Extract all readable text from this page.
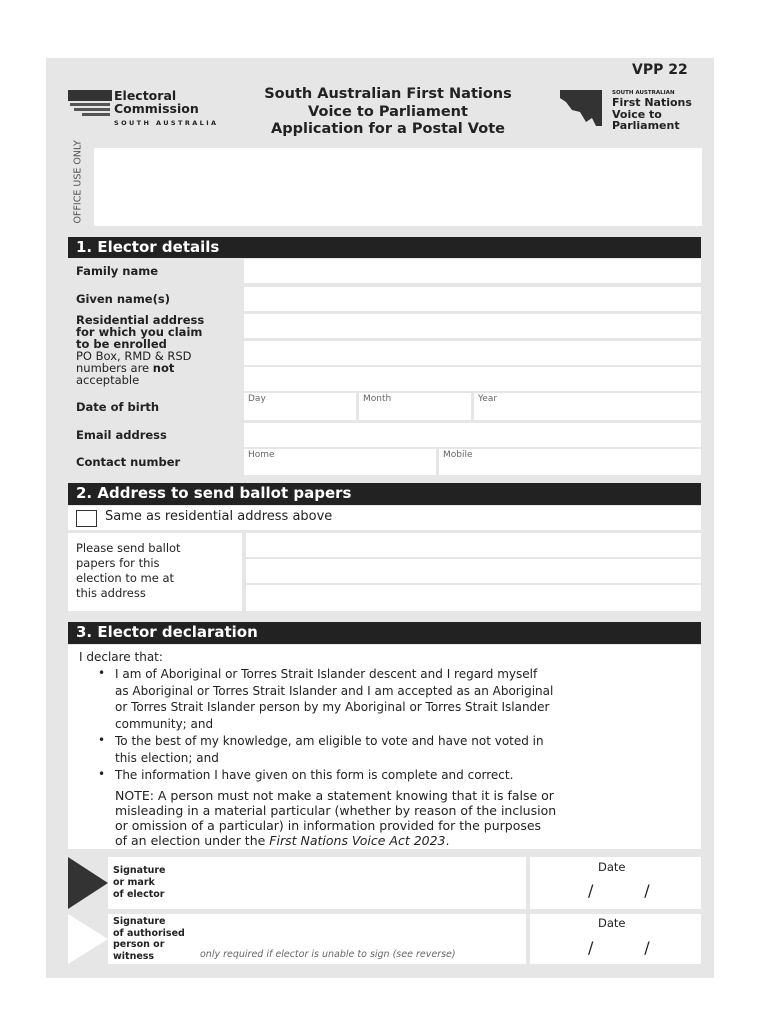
VPP 22
Electoral
Commission
SOUTH AUSTRALIA
South Australian First Nations
Voice to Parliament
Application for a Postal Vote
SOUTH AUSTRALIAN
First Nations
Voice to
Parliament
OFFICE USE ONLY
1. Elector details
Family name
Given name(s)
Residential address
for which you claim
to be enrolled
PO Box, RMD & RSD
numbers are not
acceptable
Date of birth
Day	Month	Year
Email address
Contact number	Home	Mobile
2. Address to send ballot papers
Same as residential address above
Please send ballot
papers for this
election to me at
this address
3. Elector declaration
I declare that:
• I am of Aboriginal or Torres Strait Islander descent and I regard myself
as Aboriginal or Torres Strait Islander and I am accepted as an Aboriginal
or Torres Strait Islander person by my Aboriginal or Torres Strait Islander
community; and
• To the best of my knowledge, am eligible to vote and have not voted in
this election; and
• The information I have given on this form is complete and correct.
NOTE: A person must not make a statement knowing that it is false or
misleading in a material particular (whether by reason of the inclusion
or omission of a particular) in information provided for the purposes
of an election under the First Nations Voice Act 2023.
Signature
or mark
of elector
Date
/          /
Signature
of authorised
person or
witness	only required if elector is unable to sign (see reverse)
Date
/          /
